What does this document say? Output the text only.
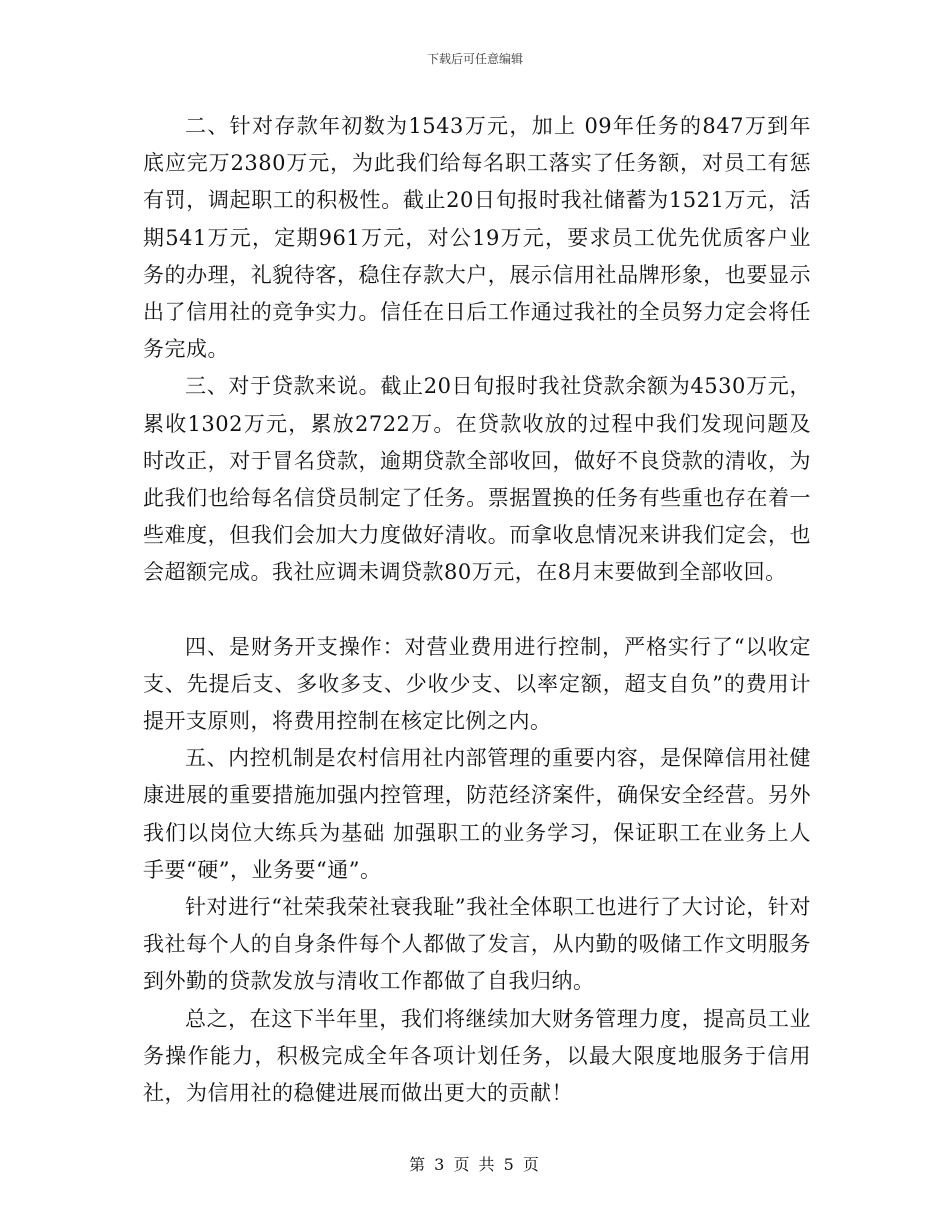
下载后可任意编辑

二、针对存款年初数为1543万元，加上 09年任务的847万到年底应完万2380万元，为此我们给每名职工落实了任务额，对员工有惩有罚，调起职工的积极性。截止20日旬报时我社储蓄为1521万元，活期541万元，定期961万元，对公19万元，要求员工优先优质客户业务的办理，礼貌待客，稳住存款大户，展示信用社品牌形象，也要显示出了信用社的竞争实力。信任在日后工作通过我社的全员努力定会将任务完成。

三、对于贷款来说。截止20日旬报时我社贷款余额为4530万元，累收1302万元，累放2722万。在贷款收放的过程中我们发现问题及时改正，对于冒名贷款，逾期贷款全部收回，做好不良贷款的清收，为此我们也给每名信贷员制定了任务。票据置换的任务有些重也存在着一些难度，但我们会加大力度做好清收。而拿收息情况来讲我们定会，也会超额完成。我社应调未调贷款80万元，在8月末要做到全部收回。

四、是财务开支操作：对营业费用进行控制，严格实行了“以收定支、先提后支、多收多支、少收少支、以率定额，超支自负”的费用计提开支原则，将费用控制在核定比例之内。

五、内控机制是农村信用社内部管理的重要内容，是保障信用社健康进展的重要措施加强内控管理，防范经济案件，确保安全经营。另外我们以岗位大练兵为基础 加强职工的业务学习，保证职工在业务上人手要“硬”，业务要“通”。

针对进行“社荣我荣社衰我耻”我社全体职工也进行了大讨论，针对我社每个人的自身条件每个人都做了发言，从内勤的吸储工作文明服务到外勤的贷款发放与清收工作都做了自我归纳。

总之，在这下半年里，我们将继续加大财务管理力度，提高员工业务操作能力，积极完成全年各项计划任务，以最大限度地服务于信用社，为信用社的稳健进展而做出更大的贡献！

第 3 页 共 5 页
